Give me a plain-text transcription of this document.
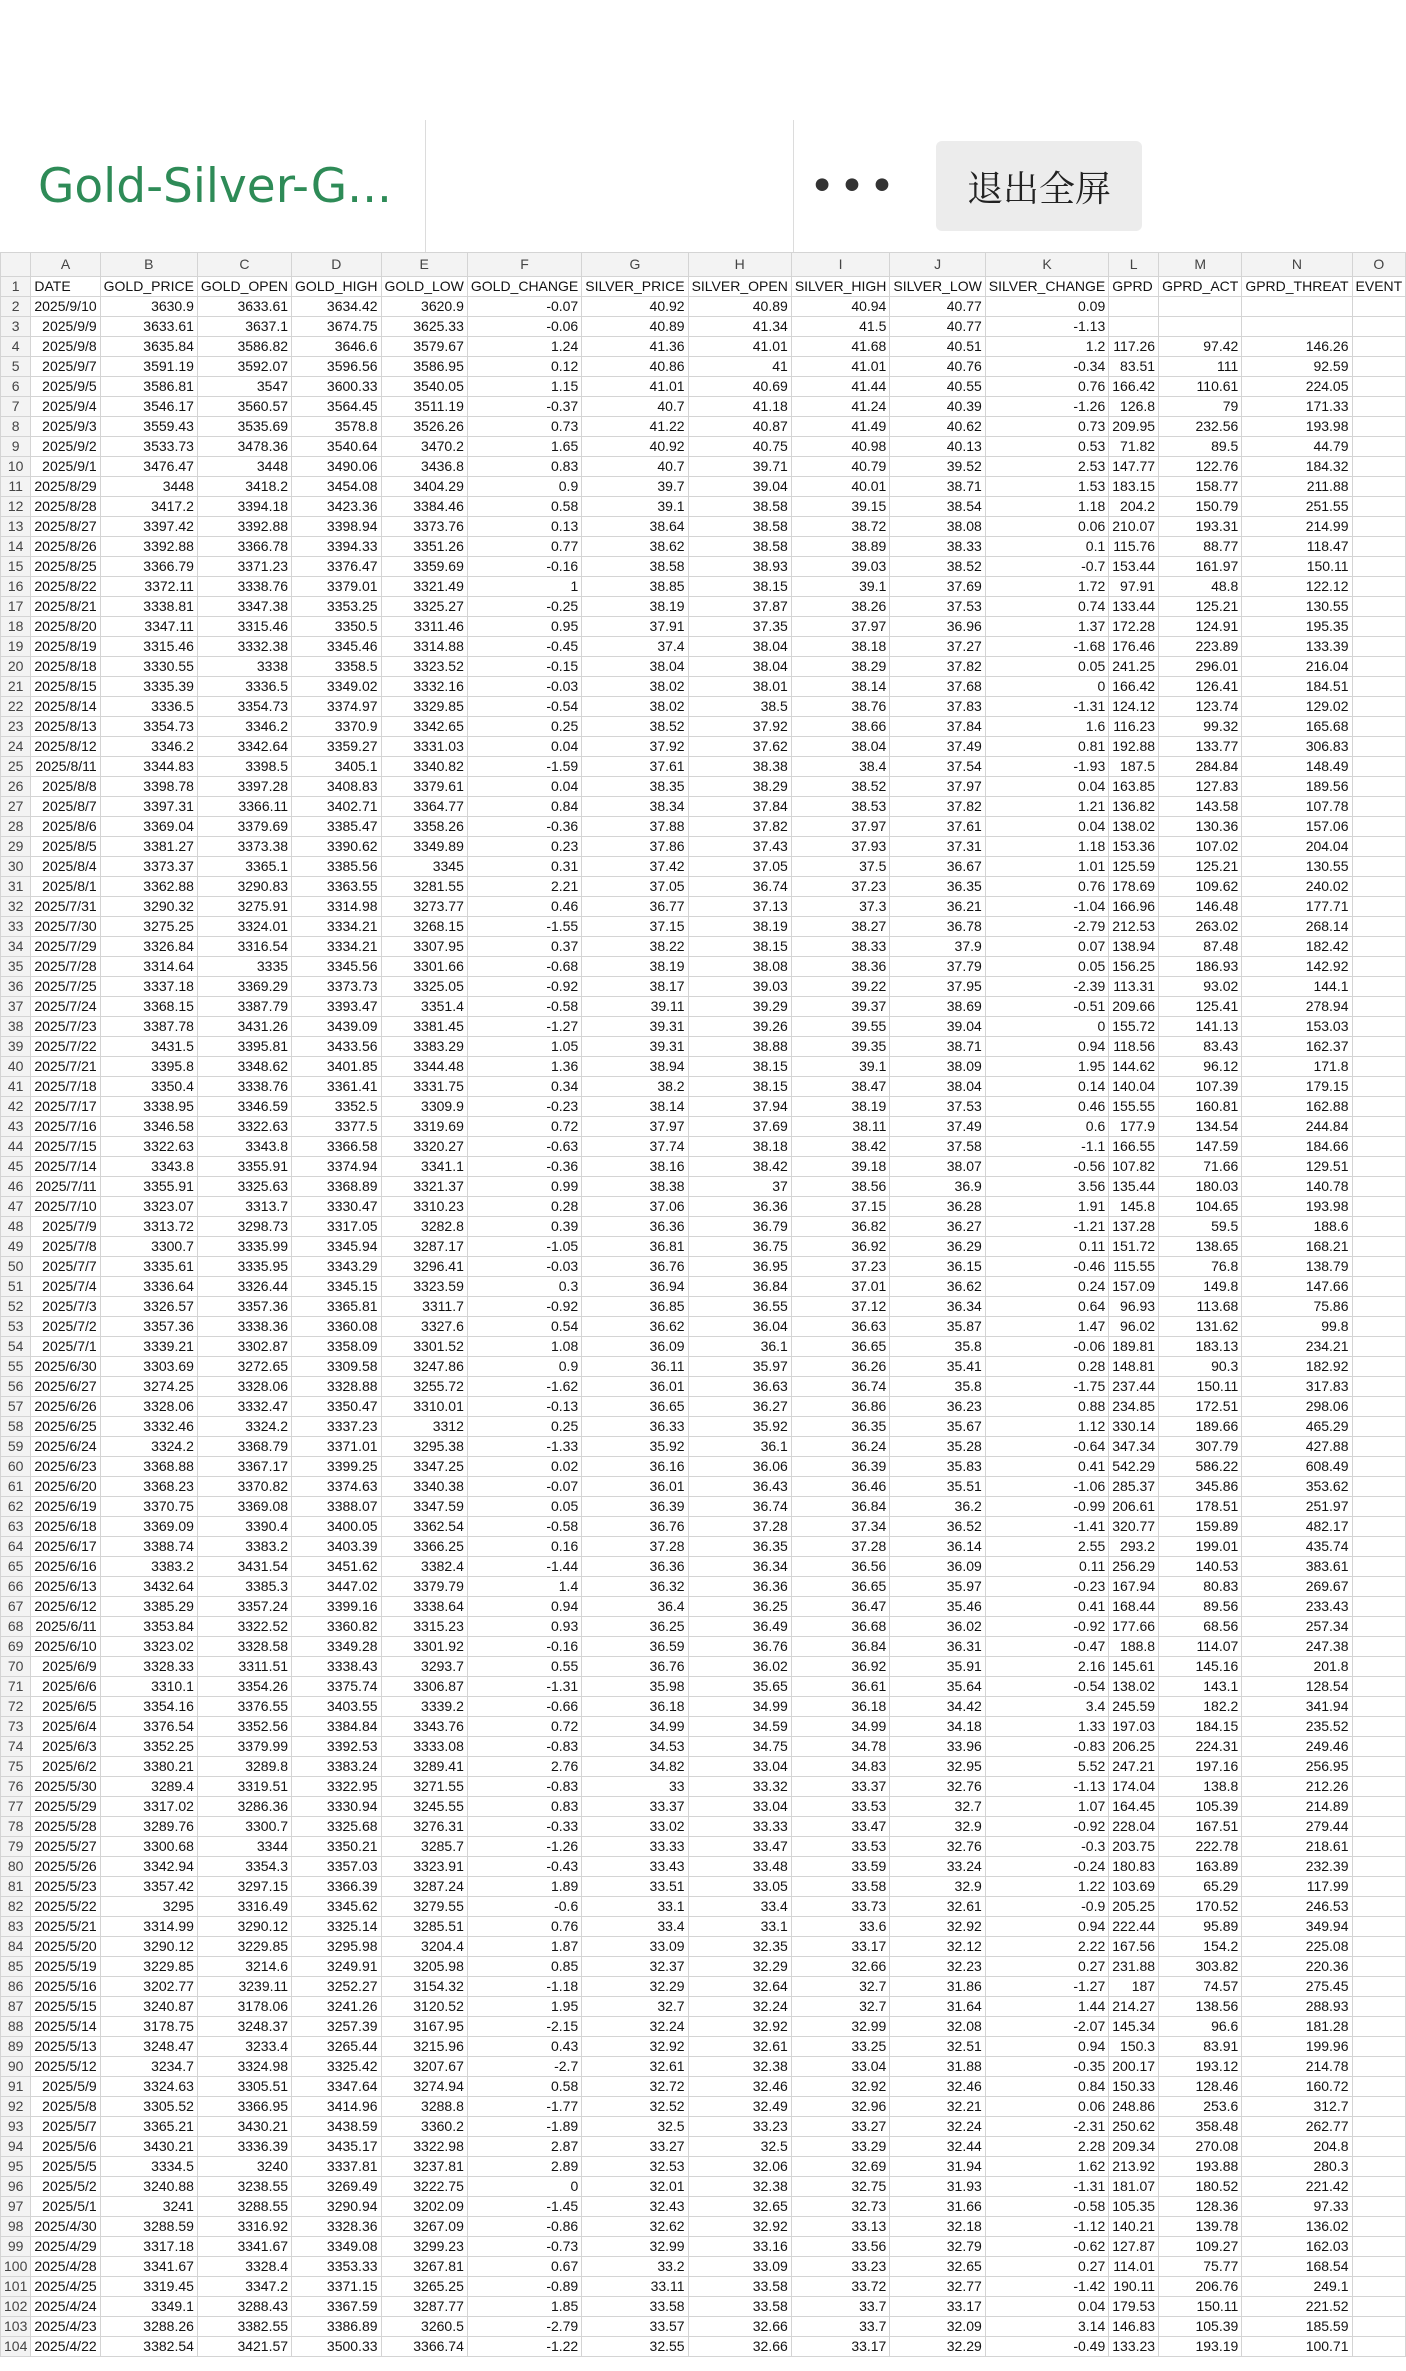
Gold-Silver-G...	•••	退出全屏
	A	B	C	D	E	F	G	H	I	J	K	L	M	N	O
1	DATE	GOLD_PRICE	GOLD_OPEN	GOLD_HIGH	GOLD_LOW	GOLD_CHANGE	SILVER_PRICE	SILVER_OPEN	SILVER_HIGH	SILVER_LOW	SILVER_CHANGE	GPRD	GPRD_ACT	GPRD_THREAT	EVENT
2	2025/9/10	3630.9	3633.61	3634.42	3620.9	-0.07	40.92	40.89	40.94	40.77	0.09				
3	2025/9/9	3633.61	3637.1	3674.75	3625.33	-0.06	40.89	41.34	41.5	40.77	-1.13				
4	2025/9/8	3635.84	3586.82	3646.6	3579.67	1.24	41.36	41.01	41.68	40.51	1.2	117.26	97.42	146.26	
5	2025/9/7	3591.19	3592.07	3596.56	3586.95	0.12	40.86	41	41.01	40.76	-0.34	83.51	111	92.59	
6	2025/9/5	3586.81	3547	3600.33	3540.05	1.15	41.01	40.69	41.44	40.55	0.76	166.42	110.61	224.05	
7	2025/9/4	3546.17	3560.57	3564.45	3511.19	-0.37	40.7	41.18	41.24	40.39	-1.26	126.8	79	171.33	
8	2025/9/3	3559.43	3535.69	3578.8	3526.26	0.73	41.22	40.87	41.49	40.62	0.73	209.95	232.56	193.98	
9	2025/9/2	3533.73	3478.36	3540.64	3470.2	1.65	40.92	40.75	40.98	40.13	0.53	71.82	89.5	44.79	
10	2025/9/1	3476.47	3448	3490.06	3436.8	0.83	40.7	39.71	40.79	39.52	2.53	147.77	122.76	184.32	
11	2025/8/29	3448	3418.2	3454.08	3404.29	0.9	39.7	39.04	40.01	38.71	1.53	183.15	158.77	211.88	
12	2025/8/28	3417.2	3394.18	3423.36	3384.46	0.58	39.1	38.58	39.15	38.54	1.18	204.2	150.79	251.55	
13	2025/8/27	3397.42	3392.88	3398.94	3373.76	0.13	38.64	38.58	38.72	38.08	0.06	210.07	193.31	214.99	
14	2025/8/26	3392.88	3366.78	3394.33	3351.26	0.77	38.62	38.58	38.89	38.33	0.1	115.76	88.77	118.47	
15	2025/8/25	3366.79	3371.23	3376.47	3359.69	-0.16	38.58	38.93	39.03	38.52	-0.7	153.44	161.97	150.11	
16	2025/8/22	3372.11	3338.76	3379.01	3321.49	1	38.85	38.15	39.1	37.69	1.72	97.91	48.8	122.12	
17	2025/8/21	3338.81	3347.38	3353.25	3325.27	-0.25	38.19	37.87	38.26	37.53	0.74	133.44	125.21	130.55	
18	2025/8/20	3347.11	3315.46	3350.5	3311.46	0.95	37.91	37.35	37.97	36.96	1.37	172.28	124.91	195.35	
19	2025/8/19	3315.46	3332.38	3345.46	3314.88	-0.45	37.4	38.04	38.18	37.27	-1.68	176.46	223.89	133.39	
20	2025/8/18	3330.55	3338	3358.5	3323.52	-0.15	38.04	38.04	38.29	37.82	0.05	241.25	296.01	216.04	
21	2025/8/15	3335.39	3336.5	3349.02	3332.16	-0.03	38.02	38.01	38.14	37.68	0	166.42	126.41	184.51	
22	2025/8/14	3336.5	3354.73	3374.97	3329.85	-0.54	38.02	38.5	38.76	37.83	-1.31	124.12	123.74	129.02	
23	2025/8/13	3354.73	3346.2	3370.9	3342.65	0.25	38.52	37.92	38.66	37.84	1.6	116.23	99.32	165.68	
24	2025/8/12	3346.2	3342.64	3359.27	3331.03	0.04	37.92	37.62	38.04	37.49	0.81	192.88	133.77	306.83	
25	2025/8/11	3344.83	3398.5	3405.1	3340.82	-1.59	37.61	38.38	38.4	37.54	-1.93	187.5	284.84	148.49	
26	2025/8/8	3398.78	3397.28	3408.83	3379.61	0.04	38.35	38.29	38.52	37.97	0.04	163.85	127.83	189.56	
27	2025/8/7	3397.31	3366.11	3402.71	3364.77	0.84	38.34	37.84	38.53	37.82	1.21	136.82	143.58	107.78	
28	2025/8/6	3369.04	3379.69	3385.47	3358.26	-0.36	37.88	37.82	37.97	37.61	0.04	138.02	130.36	157.06	
29	2025/8/5	3381.27	3373.38	3390.62	3349.89	0.23	37.86	37.43	37.93	37.31	1.18	153.36	107.02	204.04	
30	2025/8/4	3373.37	3365.1	3385.56	3345	0.31	37.42	37.05	37.5	36.67	1.01	125.59	125.21	130.55	
31	2025/8/1	3362.88	3290.83	3363.55	3281.55	2.21	37.05	36.74	37.23	36.35	0.76	178.69	109.62	240.02	
32	2025/7/31	3290.32	3275.91	3314.98	3273.77	0.46	36.77	37.13	37.3	36.21	-1.04	166.96	146.48	177.71	
33	2025/7/30	3275.25	3324.01	3334.21	3268.15	-1.55	37.15	38.19	38.27	36.78	-2.79	212.53	263.02	268.14	
34	2025/7/29	3326.84	3316.54	3334.21	3307.95	0.37	38.22	38.15	38.33	37.9	0.07	138.94	87.48	182.42	
35	2025/7/28	3314.64	3335	3345.56	3301.66	-0.68	38.19	38.08	38.36	37.79	0.05	156.25	186.93	142.92	
36	2025/7/25	3337.18	3369.29	3373.73	3325.05	-0.92	38.17	39.03	39.22	37.95	-2.39	113.31	93.02	144.1	
37	2025/7/24	3368.15	3387.79	3393.47	3351.4	-0.58	39.11	39.29	39.37	38.69	-0.51	209.66	125.41	278.94	
38	2025/7/23	3387.78	3431.26	3439.09	3381.45	-1.27	39.31	39.26	39.55	39.04	0	155.72	141.13	153.03	
39	2025/7/22	3431.5	3395.81	3433.56	3383.29	1.05	39.31	38.88	39.35	38.71	0.94	118.56	83.43	162.37	
40	2025/7/21	3395.8	3348.62	3401.85	3344.48	1.36	38.94	38.15	39.1	38.09	1.95	144.62	96.12	171.8	
41	2025/7/18	3350.4	3338.76	3361.41	3331.75	0.34	38.2	38.15	38.47	38.04	0.14	140.04	107.39	179.15	
42	2025/7/17	3338.95	3346.59	3352.5	3309.9	-0.23	38.14	37.94	38.19	37.53	0.46	155.55	160.81	162.88	
43	2025/7/16	3346.58	3322.63	3377.5	3319.69	0.72	37.97	37.69	38.11	37.49	0.6	177.9	134.54	244.84	
44	2025/7/15	3322.63	3343.8	3366.58	3320.27	-0.63	37.74	38.18	38.42	37.58	-1.1	166.55	147.59	184.66	
45	2025/7/14	3343.8	3355.91	3374.94	3341.1	-0.36	38.16	38.42	39.18	38.07	-0.56	107.82	71.66	129.51	
46	2025/7/11	3355.91	3325.63	3368.89	3321.37	0.99	38.38	37	38.56	36.9	3.56	135.44	180.03	140.78	
47	2025/7/10	3323.07	3313.7	3330.47	3310.23	0.28	37.06	36.36	37.15	36.28	1.91	145.8	104.65	193.98	
48	2025/7/9	3313.72	3298.73	3317.05	3282.8	0.39	36.36	36.79	36.82	36.27	-1.21	137.28	59.5	188.6	
49	2025/7/8	3300.7	3335.99	3345.94	3287.17	-1.05	36.81	36.75	36.92	36.29	0.11	151.72	138.65	168.21	
50	2025/7/7	3335.61	3335.95	3343.29	3296.41	-0.03	36.76	36.95	37.23	36.15	-0.46	115.55	76.8	138.79	
51	2025/7/4	3336.64	3326.44	3345.15	3323.59	0.3	36.94	36.84	37.01	36.62	0.24	157.09	149.8	147.66	
52	2025/7/3	3326.57	3357.36	3365.81	3311.7	-0.92	36.85	36.55	37.12	36.34	0.64	96.93	113.68	75.86	
53	2025/7/2	3357.36	3338.36	3360.08	3327.6	0.54	36.62	36.04	36.63	35.87	1.47	96.02	131.62	99.8	
54	2025/7/1	3339.21	3302.87	3358.09	3301.52	1.08	36.09	36.1	36.65	35.8	-0.06	189.81	183.13	234.21	
55	2025/6/30	3303.69	3272.65	3309.58	3247.86	0.9	36.11	35.97	36.26	35.41	0.28	148.81	90.3	182.92	
56	2025/6/27	3274.25	3328.06	3328.88	3255.72	-1.62	36.01	36.63	36.74	35.8	-1.75	237.44	150.11	317.83	
57	2025/6/26	3328.06	3332.47	3350.47	3310.01	-0.13	36.65	36.27	36.86	36.23	0.88	234.85	172.51	298.06	
58	2025/6/25	3332.46	3324.2	3337.23	3312	0.25	36.33	35.92	36.35	35.67	1.12	330.14	189.66	465.29	
59	2025/6/24	3324.2	3368.79	3371.01	3295.38	-1.33	35.92	36.1	36.24	35.28	-0.64	347.34	307.79	427.88	
60	2025/6/23	3368.88	3367.17	3399.25	3347.25	0.02	36.16	36.06	36.39	35.83	0.41	542.29	586.22	608.49	
61	2025/6/20	3368.23	3370.82	3374.63	3340.38	-0.07	36.01	36.43	36.46	35.51	-1.06	285.37	345.86	353.62	
62	2025/6/19	3370.75	3369.08	3388.07	3347.59	0.05	36.39	36.74	36.84	36.2	-0.99	206.61	178.51	251.97	
63	2025/6/18	3369.09	3390.4	3400.05	3362.54	-0.58	36.76	37.28	37.34	36.52	-1.41	320.77	159.89	482.17	
64	2025/6/17	3388.74	3383.2	3403.39	3366.25	0.16	37.28	36.35	37.28	36.14	2.55	293.2	199.01	435.74	
65	2025/6/16	3383.2	3431.54	3451.62	3382.4	-1.44	36.36	36.34	36.56	36.09	0.11	256.29	140.53	383.61	
66	2025/6/13	3432.64	3385.3	3447.02	3379.79	1.4	36.32	36.36	36.65	35.97	-0.23	167.94	80.83	269.67	
67	2025/6/12	3385.29	3357.24	3399.16	3338.64	0.94	36.4	36.25	36.47	35.46	0.41	168.44	89.56	233.43	
68	2025/6/11	3353.84	3322.52	3360.82	3315.23	0.93	36.25	36.49	36.68	36.02	-0.92	177.66	68.56	257.34	
69	2025/6/10	3323.02	3328.58	3349.28	3301.92	-0.16	36.59	36.76	36.84	36.31	-0.47	188.8	114.07	247.38	
70	2025/6/9	3328.33	3311.51	3338.43	3293.7	0.55	36.76	36.02	36.92	35.91	2.16	145.61	145.16	201.8	
71	2025/6/6	3310.1	3354.26	3375.74	3306.87	-1.31	35.98	35.65	36.61	35.64	-0.54	138.02	143.1	128.54	
72	2025/6/5	3354.16	3376.55	3403.55	3339.2	-0.66	36.18	34.99	36.18	34.42	3.4	245.59	182.2	341.94	
73	2025/6/4	3376.54	3352.56	3384.84	3343.76	0.72	34.99	34.59	34.99	34.18	1.33	197.03	184.15	235.52	
74	2025/6/3	3352.25	3379.99	3392.53	3333.08	-0.83	34.53	34.75	34.78	33.96	-0.83	206.25	224.31	249.46	
75	2025/6/2	3380.21	3289.8	3383.24	3289.41	2.76	34.82	33.04	34.83	32.95	5.52	247.21	197.16	256.95	
76	2025/5/30	3289.4	3319.51	3322.95	3271.55	-0.83	33	33.32	33.37	32.76	-1.13	174.04	138.8	212.26	
77	2025/5/29	3317.02	3286.36	3330.94	3245.55	0.83	33.37	33.04	33.53	32.7	1.07	164.45	105.39	214.89	
78	2025/5/28	3289.76	3300.7	3325.68	3276.31	-0.33	33.02	33.33	33.47	32.9	-0.92	228.04	167.51	279.44	
79	2025/5/27	3300.68	3344	3350.21	3285.7	-1.26	33.33	33.47	33.53	32.76	-0.3	203.75	222.78	218.61	
80	2025/5/26	3342.94	3354.3	3357.03	3323.91	-0.43	33.43	33.48	33.59	33.24	-0.24	180.83	163.89	232.39	
81	2025/5/23	3357.42	3297.15	3366.39	3287.24	1.89	33.51	33.05	33.58	32.9	1.22	103.69	65.29	117.99	
82	2025/5/22	3295	3316.49	3345.62	3279.55	-0.6	33.1	33.4	33.73	32.61	-0.9	205.25	170.52	246.53	
83	2025/5/21	3314.99	3290.12	3325.14	3285.51	0.76	33.4	33.1	33.6	32.92	0.94	222.44	95.89	349.94	
84	2025/5/20	3290.12	3229.85	3295.98	3204.4	1.87	33.09	32.35	33.17	32.12	2.22	167.56	154.2	225.08	
85	2025/5/19	3229.85	3214.6	3249.91	3205.98	0.85	32.37	32.29	32.66	32.23	0.27	231.88	303.82	220.36	
86	2025/5/16	3202.77	3239.11	3252.27	3154.32	-1.18	32.29	32.64	32.7	31.86	-1.27	187	74.57	275.45	
87	2025/5/15	3240.87	3178.06	3241.26	3120.52	1.95	32.7	32.24	32.7	31.64	1.44	214.27	138.56	288.93	
88	2025/5/14	3178.75	3248.37	3257.39	3167.95	-2.15	32.24	32.92	32.99	32.08	-2.07	145.34	96.6	181.28	
89	2025/5/13	3248.47	3233.4	3265.44	3215.96	0.43	32.92	32.61	33.25	32.51	0.94	150.3	83.91	199.96	
90	2025/5/12	3234.7	3324.98	3325.42	3207.67	-2.7	32.61	32.38	33.04	31.88	-0.35	200.17	193.12	214.78	
91	2025/5/9	3324.63	3305.51	3347.64	3274.94	0.58	32.72	32.46	32.92	32.46	0.84	150.33	128.46	160.72	
92	2025/5/8	3305.52	3366.95	3414.96	3288.8	-1.77	32.52	32.49	32.96	32.21	0.06	248.86	253.6	312.7	
93	2025/5/7	3365.21	3430.21	3438.59	3360.2	-1.89	32.5	33.23	33.27	32.24	-2.31	250.62	358.48	262.77	
94	2025/5/6	3430.21	3336.39	3435.17	3322.98	2.87	33.27	32.5	33.29	32.44	2.28	209.34	270.08	204.8	
95	2025/5/5	3334.5	3240	3337.81	3237.81	2.89	32.53	32.06	32.69	31.94	1.62	213.92	193.88	280.3	
96	2025/5/2	3240.88	3238.55	3269.49	3222.75	0	32.01	32.38	32.75	31.93	-1.31	181.07	180.52	221.42	
97	2025/5/1	3241	3288.55	3290.94	3202.09	-1.45	32.43	32.65	32.73	31.66	-0.58	105.35	128.36	97.33	
98	2025/4/30	3288.59	3316.92	3328.36	3267.09	-0.86	32.62	32.92	33.13	32.18	-1.12	140.21	139.78	136.02	
99	2025/4/29	3317.18	3341.67	3349.08	3299.23	-0.73	32.99	33.16	33.56	32.79	-0.62	127.87	109.27	162.03	
100	2025/4/28	3341.67	3328.4	3353.33	3267.81	0.67	33.2	33.09	33.23	32.65	0.27	114.01	75.77	168.54	
101	2025/4/25	3319.45	3347.2	3371.15	3265.25	-0.89	33.11	33.58	33.72	32.77	-1.42	190.11	206.76	249.1	
102	2025/4/24	3349.1	3288.43	3367.59	3287.77	1.85	33.58	33.58	33.7	33.17	0.04	179.53	150.11	221.52	
103	2025/4/23	3288.26	3382.55	3386.89	3260.5	-2.79	33.57	32.66	33.7	32.09	3.14	146.83	105.39	185.59	
104	2025/4/22	3382.54	3421.57	3500.33	3366.74	-1.22	32.55	32.66	33.17	32.29	-0.49	133.23	193.19	100.71	
